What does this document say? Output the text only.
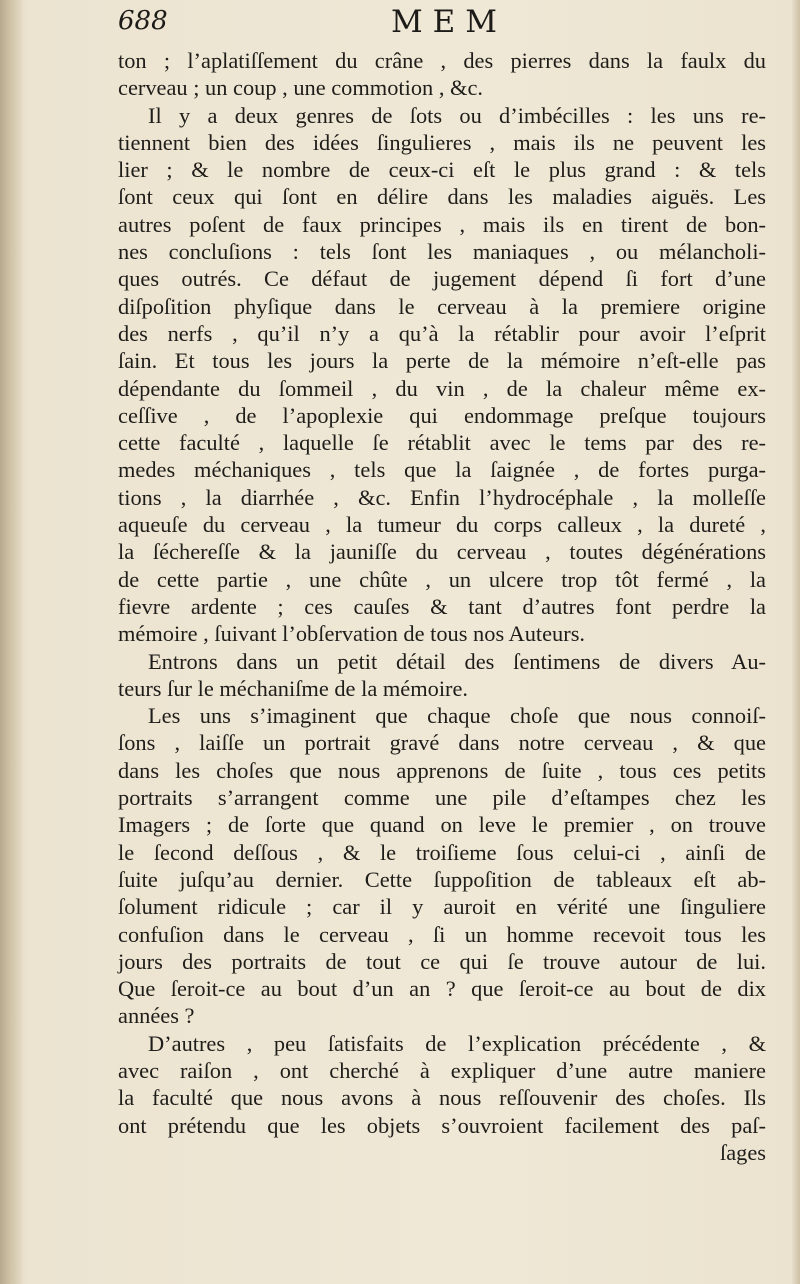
688	MEM
ton ; l’aplatiſſement du crâne , des pierres dans la faulx du
cerveau ; un coup , une commotion , &c.
Il y a deux genres de ſots ou d’imbécilles : les uns re-
tiennent bien des idées ſingulieres , mais ils ne peuvent les
lier ; & le nombre de ceux-ci eſt le plus grand : & tels
ſont ceux qui ſont en délire dans les maladies aiguës. Les
autres poſent de faux principes , mais ils en tirent de bon-
nes concluſions : tels ſont les maniaques , ou mélancholi-
ques outrés. Ce défaut de jugement dépend ſi fort d’une
diſpoſition phyſique dans le cerveau à la premiere origine
des nerfs , qu’il n’y a qu’à la rétablir pour avoir l’eſprit
ſain. Et tous les jours la perte de la mémoire n’eſt-elle pas
dépendante du ſommeil , du vin , de la chaleur même ex-
ceſſive , de l’apoplexie qui endommage preſque toujours
cette faculté , laquelle ſe rétablit avec le tems par des re-
medes méchaniques , tels que la ſaignée , de fortes purga-
tions , la diarrhée , &c. Enfin l’hydrocéphale , la molleſſe
aqueuſe du cerveau , la tumeur du corps calleux , la dureté ,
la ſéchereſſe & la jauniſſe du cerveau , toutes dégénérations
de cette partie , une chûte , un ulcere trop tôt fermé , la
fievre ardente ; ces cauſes & tant d’autres font perdre la
mémoire , ſuivant l’obſervation de tous nos Auteurs.
Entrons dans un petit détail des ſentimens de divers Au-
teurs ſur le méchaniſme de la mémoire.
Les uns s’imaginent que chaque choſe que nous connoiſ-
ſons , laiſſe un portrait gravé dans notre cerveau , & que
dans les choſes que nous apprenons de ſuite , tous ces petits
portraits s’arrangent comme une pile d’eſtampes chez les
Imagers ; de ſorte que quand on leve le premier , on trouve
le ſecond deſſous , & le troiſieme ſous celui-ci , ainſi de
ſuite juſqu’au dernier. Cette ſuppoſition de tableaux eſt ab-
ſolument ridicule ; car il y auroit en vérité une ſinguliere
confuſion dans le cerveau , ſi un homme recevoit tous les
jours des portraits de tout ce qui ſe trouve autour de lui.
Que ſeroit-ce au bout d’un an ? que ſeroit-ce au bout de dix
années ?
D’autres , peu ſatisfaits de l’explication précédente , &
avec raiſon , ont cherché à expliquer d’une autre maniere
la faculté que nous avons à nous reſſouvenir des choſes. Ils
ont prétendu que les objets s’ouvroient facilement des paſ-
ſages
